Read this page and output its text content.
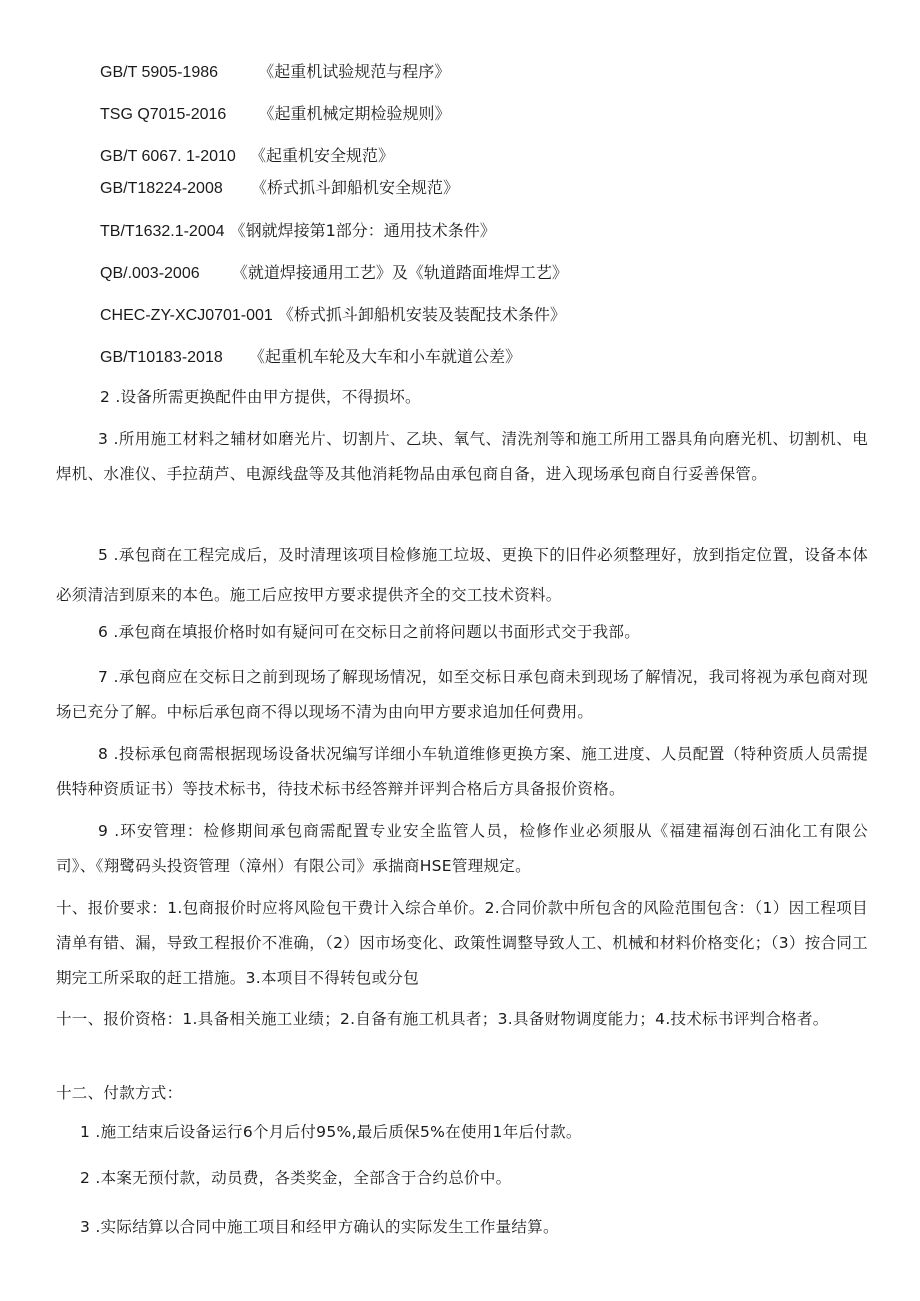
GB/T 5905-1986	《起重机试验规范与程序》
TSG Q7015-2016 《起重机械定期检验规则》
GB/T 6067. 1-2010 《起重机安全规范》
GB/T18224-2008 《桥式抓斗卸船机安全规范》
TB/T1632.1-2004 《钢就焊接第1部分：通用技术条件》
QB/.003-2006 《就道焊接通用工艺》及《轨道踏面堆焊工艺》
CHEC-ZY-XCJ0701-001 《桥式抓斗卸船机安装及装配技术条件》
GB/T10183-2018 《起重机车轮及大车和小车就道公差》
2 .设备所需更换配件由甲方提供，不得损坏。
3 .所用施工材料之辅材如磨光片、切割片、乙块、氧气、清洗剂等和施工所用工器具角向磨光机、切割机、电焊机、水准仪、手拉葫芦、电源线盘等及其他消耗物品由承包商自备，进入现场承包商自行妥善保管。
5 .承包商在工程完成后，及时清理该项目检修施工垃圾、更换下的旧件必须整理好，放到指定位置，设备本体必须清洁到原来的本色。施工后应按甲方要求提供齐全的交工技术资料。
6 .承包商在填报价格时如有疑问可在交标日之前将问题以书面形式交于我部。
7 .承包商应在交标日之前到现场了解现场情况，如至交标日承包商未到现场了解情况，我司将视为承包商对现场已充分了解。中标后承包商不得以现场不清为由向甲方要求追加任何费用。
8 .投标承包商需根据现场设备状况编写详细小车轨道维修更换方案、施工进度、人员配置（特种资质人员需提供特种资质证书）等技术标书，待技术标书经答辩并评判合格后方具备报价资格。
9 .环安管理：检修期间承包商需配置专业安全监管人员，检修作业必须服从《福建福海创石油化工有限公司》、《翔鹭码头投资管理（漳州）有限公司》承揣商HSE管理规定。
十、报价要求：1.包商报价时应将风险包干费计入综合单价。2.合同价款中所包含的风险范围包含：（1）因工程项目清单有错、漏，导致工程报价不准确，（2）因市场变化、政策性调整导致人工、机械和材料价格变化；（3）按合同工期完工所采取的赶工措施。3.本项目不得转包或分包
十一、报价资格：1.具备相关施工业绩；2.自备有施工机具者；3.具备财物调度能力；4.技术标书评判合格者。
十二、付款方式：
1 .施工结束后设备运行6个月后付95%,最后质保5%在使用1年后付款。
2 .本案无预付款，动员费，各类奖金，全部含于合约总价中。
3 .实际结算以合同中施工项目和经甲方确认的实际发生工作量结算。
